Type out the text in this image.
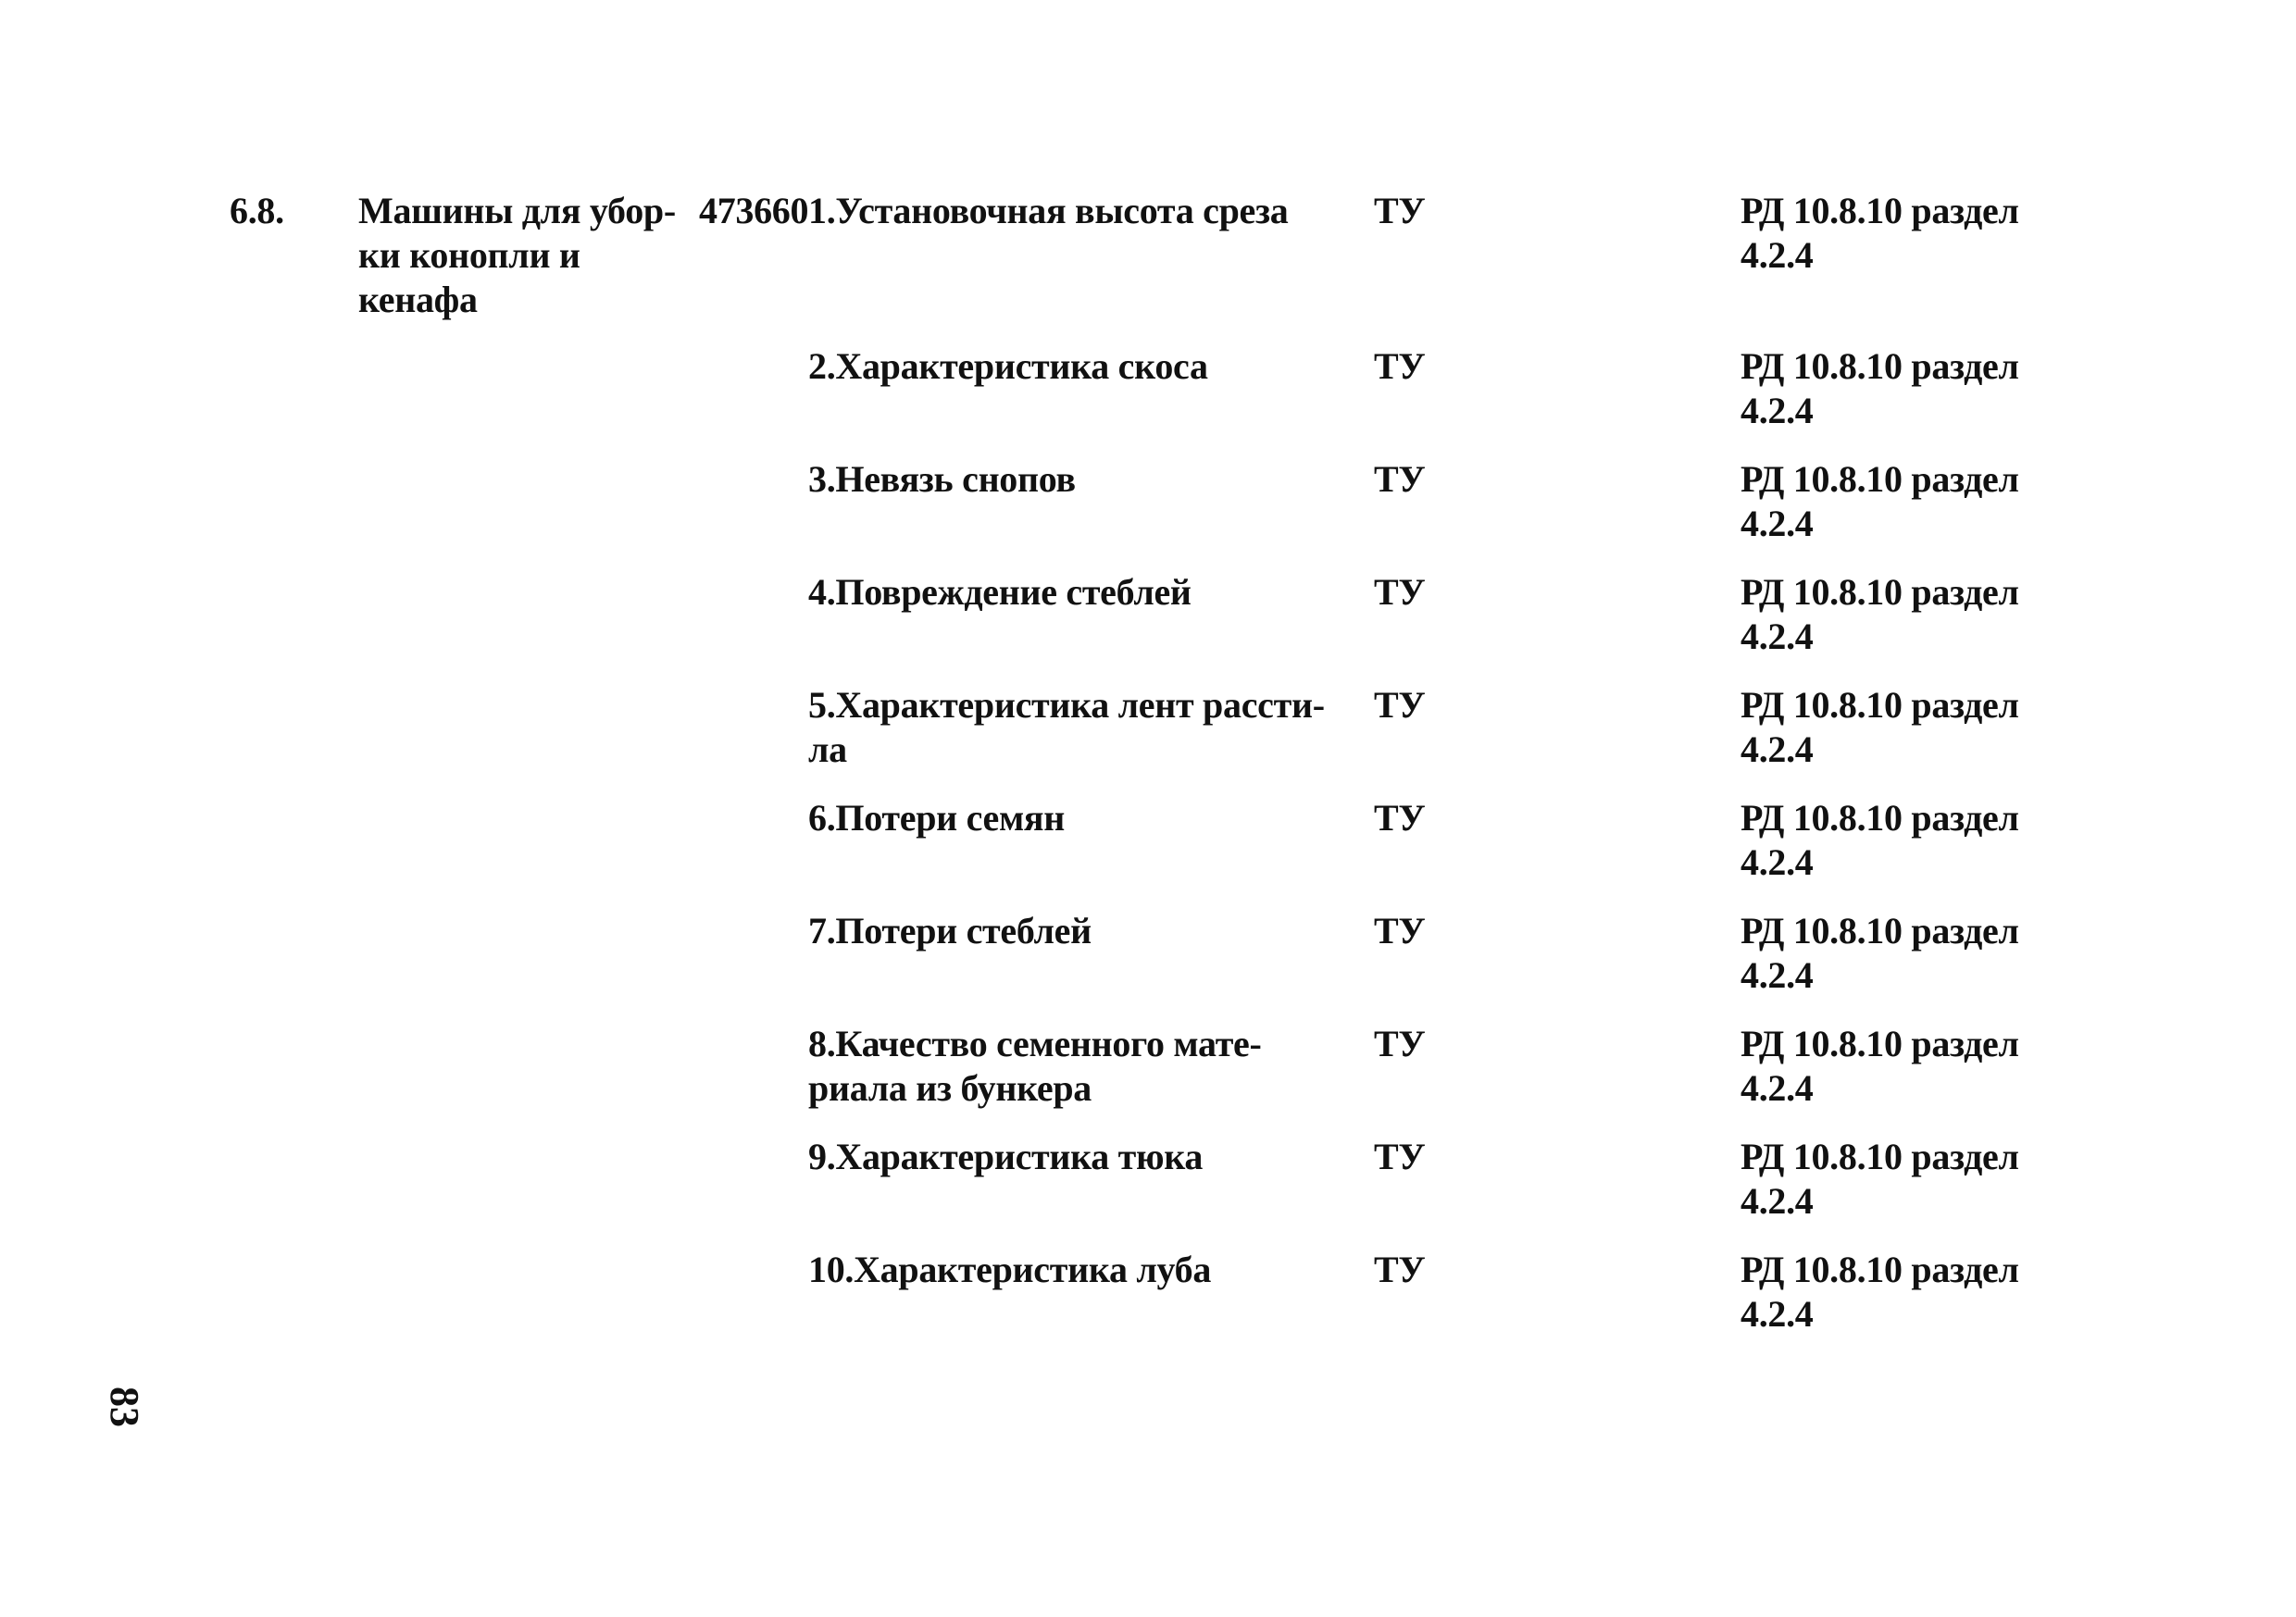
6.8. Машины для убор-
ки конопли и
кенафа
473660 1.Установочная высота среза	ТУ	РД 10.8.10 раздел
4.2.4
2.Характеристика скоса	ТУ	РД 10.8.10 раздел
4.2.4
3.Невязь снопов	ТУ	РД 10.8.10 раздел
4.2.4
4.Повреждение стеблей	ТУ	РД 10.8.10 раздел
4.2.4
5.Характеристика лент рассти-
ла
ТУ	РД 10.8.10 раздел
4.2.4
6.Потери семян	ТУ	РД 10.8.10 раздел
4.2.4
7.Потери стеблей	ТУ	РД 10.8.10 раздел
4.2.4
8.Качество семенного мате-
риала из бункера
ТУ	РД 10.8.10 раздел
4.2.4
9.Характеристика тюка	ТУ	РД 10.8.10 раздел
4.2.4
10.Характеристика луба	ТУ	РД 10.8.10 раздел
4.2.4
83
